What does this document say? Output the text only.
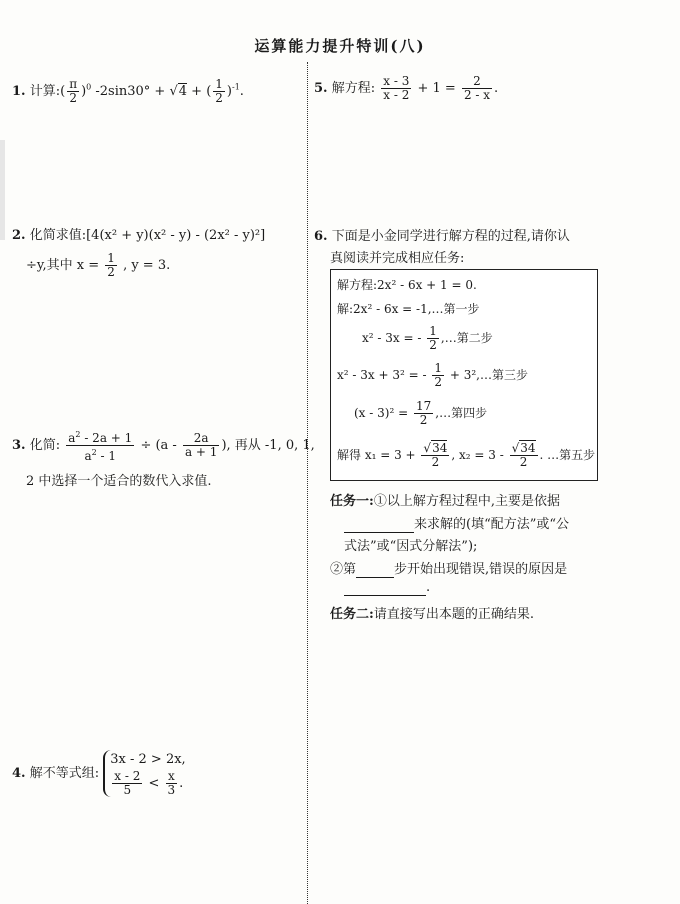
运算能力提升特训(八)
1. 计算:( $\frac{\pi}{2} )^0$ -2sin30° + √4 + ( $\frac{1}{2} )^{-1}$.
2. 化简求值:[4(x² + y)(x² - y) - (2x² - y)²]
÷y,其中 $x = \frac{1}{2}$ , y = 3.
3. 化简: $\frac{a^2 - 2a + 1}{a^2 - 1} \div (a - \frac{2a}{a + 1}$ ), 再从 -1, 0, 1,
2 中选择一个适合的数代入求值.
4. 解不等式组:
3x - 2 > 2x,
$\frac{x - 2}{5} < \frac{x}{3}$ .
5. 解方程: $\frac{x - 3}{x - 2} + 1 = \frac{2}{2 - x}$ .
6. 下面是小金同学进行解方程的过程,请你认
真阅读并完成相应任务:
解方程:2x² - 6x + 1 = 0.
解:2x² - 6x = -1,…第一步
x² - 3x = - $\frac{1}{2}$ ,…第二步
x² - 3x + 3² = - $\frac{1}{2}$ + 3²,…第三步
$(x - 3)^2 = \frac{17}{2}$ ,…第四步
解得 $x_1 = 3 + \frac{√34}{2}$ , $x_2 = 3 - \frac{√34}{2}$ . …第五步
任务一:①以上解方程过程中,主要是依据
来求解的(填“配方法”或“公
式法”或“因式分解法”);
②第	步开始出现错误,错误的原因是
.
任务二:请直接写出本题的正确结果.
